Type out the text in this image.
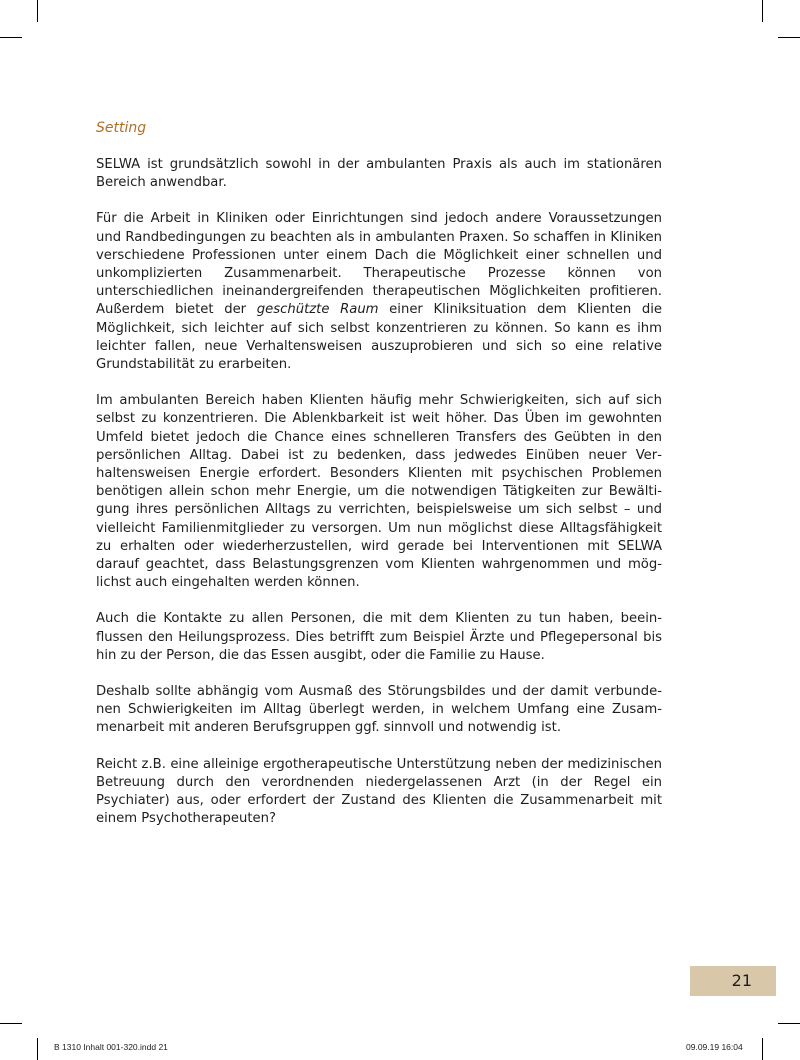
Setting

SELWA ist grundsätzlich sowohl in der ambulanten Praxis als auch im stationären Bereich anwendbar.

Für die Arbeit in Kliniken oder Einrichtungen sind jedoch andere Voraussetzungen und Randbedingungen zu beachten als in ambulanten Praxen. So schaffen in Kliniken verschiedene Professionen unter einem Dach die Möglichkeit einer schnellen und unkomplizierten Zusammenarbeit. Therapeutische Prozesse können von unterschiedlichen ineinandergreifenden therapeutischen Möglichkeiten profitieren. Außerdem bietet der geschützte Raum einer Kliniksituation dem Klienten die Möglichkeit, sich leichter auf sich selbst konzentrieren zu können. So kann es ihm leichter fallen, neue Verhaltensweisen auszuprobieren und sich so eine relative Grundstabilität zu erarbeiten.

Im ambulanten Bereich haben Klienten häufig mehr Schwierigkeiten, sich auf sich selbst zu konzentrieren. Die Ablenkbarkeit ist weit höher. Das Üben im gewohnten Umfeld bietet jedoch die Chance eines schnelleren Transfers des Geübten in den persönlichen Alltag. Dabei ist zu bedenken, dass jedwedes Einüben neuer Verhaltensweisen Energie erfordert. Besonders Klienten mit psychischen Problemen benötigen allein schon mehr Energie, um die notwendigen Tätigkeiten zur Bewältigung ihres persönlichen Alltags zu verrichten, beispielsweise um sich selbst – und vielleicht Familienmitglieder zu versorgen. Um nun möglichst diese Alltagsfähigkeit zu erhalten oder wiederherzustellen, wird gerade bei Interventionen mit SELWA darauf geachtet, dass Belastungsgrenzen vom Klienten wahrgenommen und möglichst auch eingehalten werden können.

Auch die Kontakte zu allen Personen, die mit dem Klienten zu tun haben, beeinflussen den Heilungsprozess. Dies betrifft zum Beispiel Ärzte und Pflegepersonal bis hin zu der Person, die das Essen ausgibt, oder die Familie zu Hause.

Deshalb sollte abhängig vom Ausmaß des Störungsbildes und der damit verbundenen Schwierigkeiten im Alltag überlegt werden, in welchem Umfang eine Zusammenarbeit mit anderen Berufsgruppen ggf. sinnvoll und notwendig ist.

Reicht z.B. eine alleinige ergotherapeutische Unterstützung neben der medizinischen Betreuung durch den verordnenden niedergelassenen Arzt (in der Regel ein Psychiater) aus, oder erfordert der Zustand des Klienten die Zusammenarbeit mit einem Psychotherapeuten?

21
B 1310 Inhalt 001-320.indd 21	09.09.19 16:04
